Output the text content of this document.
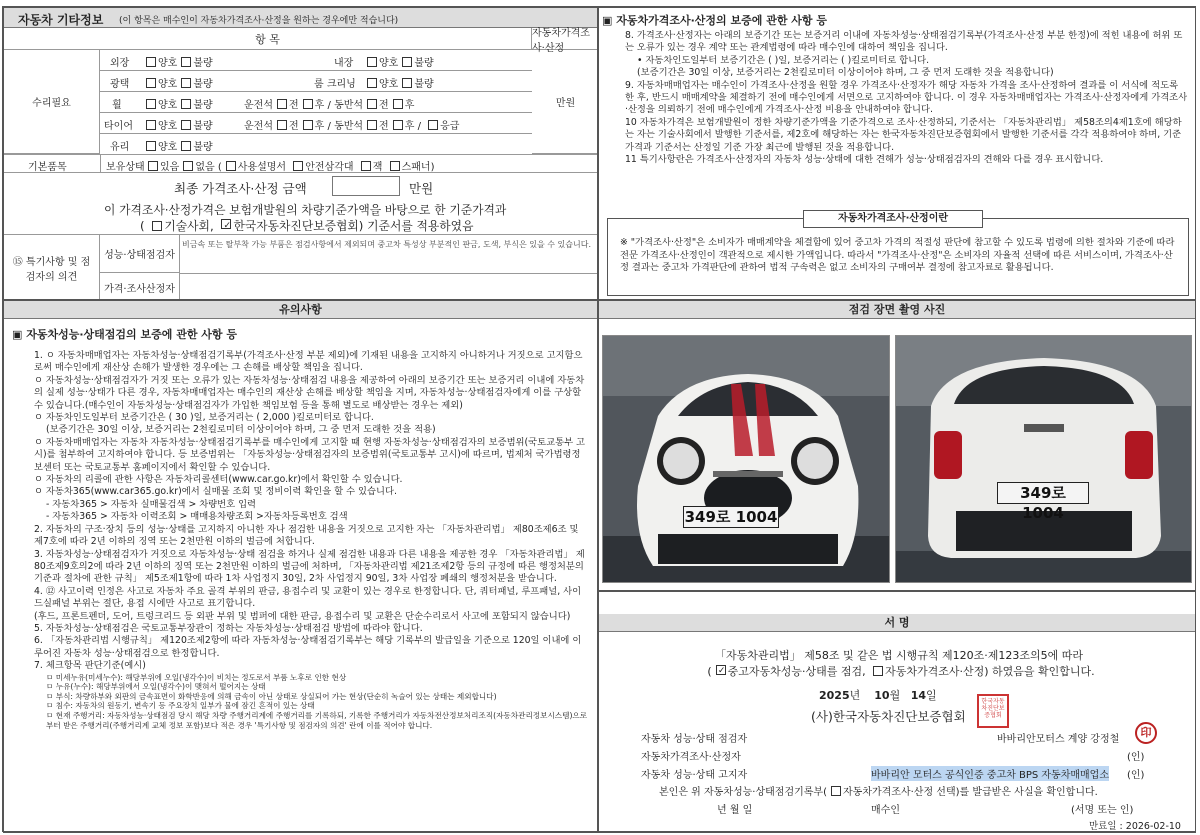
자동차 기타정보 (이 항목은 매수인이 자동차가격조사·산정을 원하는 경우에만 적습니다)
항 목	자동차가격조사·산정
수리필요	만원
외장	양호 불량	내장	양호 불량
광택	양호 불량	룸 크리닝	양호 불량
휠	양호 불량	운전석 전 후 / 동반석 전 후
타이어	양호 불량	운전석 전 후 / 동반석 전 후 / 응급
유리	양호 불량
기본품목	보유상태	있음 없음 ( 사용설명서 안전삼각대 잭 스패너)
최종 가격조사·산정 금액	만원
이 가격조사·산정가격은 보험개발원의 차량기준가액을 바탕으로 한 기준가격과
( 기술사회, ✓ 한국자동차진단보증협회) 기준서를 적용하였음
⑮ 특기사항 및 점검자의 의견
성능·상태점검자
비금속 또는 탈부착 가능 부품은 점검사항에서 제외되며 중고차 특성상 부분적인 판금, 도색, 부식은 있을 수 있습니다.
가격·조사산정자
▣ 자동차가격조사·산정의 보증에 관한 사항 등

8. 가격조사·산정자는 아래의 보증기간 또는 보증거리 이내에 자동차성능·상태점검기록부(가격조사·산정 부분 한정)에 적힌 내용에 허위 또는 오류가 있는 경우 계약 또는 관계법령에 따라 매수인에 대하여 책임을 집니다.

• 자동차인도일부터 보증기간은 ( )일, 보증거리는 ( )킬로미터로 합니다.

(보증기간은 30일 이상, 보증거리는 2천킬로미터 이상이어야 하며, 그 중 먼저 도래한 것을 적용합니다)

9. 자동차매매업자는 매수인이 가격조사·산정을 원할 경우 가격조사·산정자가 해당 자동차 가격을 조사·산정하여 결과를 이 서식에 적도록 한 후, 반드시 매매계약을 체결하기 전에 매수인에게 서면으로 고지하여야 합니다. 이 경우 자동차매매업자는 가격조사·산정자에게 가격조사·산정을 의뢰하기 전에 매수인에게 가격조사·산정 비용을 안내하여야 합니다.

10 자동차가격은 보험개발원이 정한 차량기준가액을 기준가격으로 조사·산정하되, 기준서는 「자동차관리법」 제58조의4제1호에 해당하는 자는 기술사회에서 발행한 기준서를, 제2호에 해당하는 자는 한국자동차진단보증협회에서 발행한 기준서를 각각 적용하여야 하며, 기준가격과 기준서는 산정일 기준 가장 최근에 발행된 것을 적용합니다.

11 특기사항란은 가격조사·산정자의 자동차 성능·상태에 대한 견해가 성능·상태점검자의 견해와 다를 경우 표시합니다.

자동차가격조사·산정이란
※ "가격조사·산정"은 소비자가 매매계약을 체결함에 있어 중고차 가격의 적절성 판단에 참고할 수 있도록 법령에 의한 절차와 기준에 따라 전문 가격조사·산정인이 객관적으로 제시한 가액입니다. 따라서 "가격조사·산정"은 소비자의 자율적 선택에 따른 서비스이며, 가격조사·산정 결과는 중고차 가격판단에 관하여 법적 구속력은 없고 소비자의 구매여부 결정에 참고자료로 활용됩니다.
유의사항
▣ 자동차성능·상태점검의 보증에 관한 사항 등

1. ㅇ 자동차매매업자는 자동차성능·상태점검기록부(가격조사·산정 부분 제외)에 기재된 내용을 고지하지 아니하거나 거짓으로 고지함으로써 매수인에게 재산상 손해가 발생한 경우에는 그 손해를 배상할 책임을 집니다.

ㅇ 자동차성능·상태점검자가 거짓 또는 오류가 있는 자동차성능·상태점검 내용을 제공하여 아래의 보증기간 또는 보증거리 이내에 자동차의 실제 성능·상태가 다른 경우, 자동차매매업자는 매수인의 재산상 손해를 배상할 책임을 지며, 자동차성능·상태점검자에게 이를 구상할 수 있습니다.(매수인이 자동차성능·상태점검자가 가입한 책임보험 등을 통해 별도로 배상받는 경우는 제외)

ㅇ 자동차인도일부터 보증기간은 ( 30 )일, 보증거리는 ( 2,000 )킬로미터로 합니다.

(보증기간은 30일 이상, 보증거리는 2천킬로미터 이상이어야 하며, 그 중 먼저 도래한 것을 적용)

ㅇ 자동차매매업자는 자동차 자동차성능·상태점검기록부를 매수인에게 고지할 때 현행 자동차성능·상태점검자의 보증범위(국토교통부 고시)를 첨부하여 고지하여야 합니다. 등 보증범위는 「자동차성능·상태점검자의 보증범위(국토교통부 고시)에 따르며, 법제처 국가법령정보센터 또는 국토교통부 홈페이지에서 확인할 수 있습니다.

ㅇ 자동차의 리콜에 관한 사항은 자동차리콜센터(www.car.go.kr)에서 확인할 수 있습니다.

ㅇ 자동차365(www.car365.go.kr)에서 실매물 조회 및 정비이력 확인을 할 수 있습니다.

- 자동차365 > 자동차 실매물검색 > 차량번호 입력

- 자동차365 > 자동차 이력조회 > 매매용차량조회 >자동차등록번호 검색

2. 자동차의 구조·장치 등의 성능·상태를 고지하지 아니한 자나 점검한 내용을 거짓으로 고지한 자는 「자동차관리법」 제80조제6조 및 제7호에 따라 2년 이하의 징역 또는 2천만원 이하의 벌금에 처합니다.

3. 자동차성능·상태점검자가 거짓으로 자동차성능·상태 점검을 하거나 실제 점검한 내용과 다른 내용을 제공한 경우 「자동차관리법」 제80조제9호의2에 따라 2년 이하의 징역 또는 2천만원 이하의 벌금에 처하며, 「자동차관리법 제21조제2항 등의 규정에 따른 행정처분의 기준과 절차에 관한 규칙」 제5조제1항에 따라 1차 사업정지 30일, 2차 사업정지 90일, 3차 사업장 폐쇄의 행정처분을 받습니다.

4. ⑫ 사고이력 인정은 사고로 자동차 주요 골격 부위의 판금, 용접수리 및 교환이 있는 경우로 한정합니다. 단, 쿼터패널, 루프패널, 사이드실패널 부위는 절단, 용접 시에만 사고로 표기합니다.

(후드, 프론트펜더, 도어, 트렁크리드 등 외판 부위 및 범퍼에 대한 판금, 용접수리 및 교환은 단순수리로서 사고에 포함되지 않습니다)

5. 자동차성능·상태점검은 국토교통부장관이 정하는 자동차성능·상태점검 방법에 따라야 합니다.

6. 「자동차관리법 시행규칙」 제120조제2항에 따라 자동차성능·상태점검기록부는 해당 기록부의 발급일을 기준으로 120일 이내에 이루어진 자동차 성능·상태점검으로 한정합니다.

7. 체크항목 판단기준(예시)

ㅁ 미세누유(미세누수): 해당부위에 오일(냉각수)이 비치는 정도로서 부품 노후로 인한 현상

ㅁ 누유(누수): 해당부위에서 오일(냉각수)이 맺혀서 떨어지는 상태

ㅁ 부식: 차량하부와 외판의 금속표면이 화학반응에 의해 금속이 아닌 상태로 상실되어 가는 현상(단순히 녹슬어 있는 상태는 제외합니다)

ㅁ 침수: 자동차의 원동기, 변속기 등 주요장치 일부가 물에 잠긴 흔적이 있는 상태

ㅁ 현재 주행거리: 자동차성능·상태점검 당시 해당 차량 주행거리계에 주행거리를 기록하되, 기록한 주행거리가 자동차전산정보처리조직(자동차관리정보시스템)으로부터 받은 주행거리(주행거리계 교체 정보 포함)보다 적은 경우 '특기사항 및 점검자의 의견' 란에 이를 적어야 합니다.

점검 장면 촬영 사진
349로 1004
349로 1004
서 명
「자동차관리법」 제58조 및 같은 법 시행규칙 제120조·제123조의5에 따라
( ✓ 중고자동차성능·상태를 점검, 자동차가격조사·산정) 하였음을 확인합니다.
2025년 10월 14일
(사)한국자동차진단보증협회
한국자동차진단보증협회
자동차 성능·상태 점검자	바바리안모터스 계양 강정철
印
자동차가격조사·산정자	(인)
자동차 성능·상태 고지자	바바리안 모터스 공식인증 중고차 BPS 자동차매매업소 (인)
본인은 위 자동차성능·상태점검기록부( 자동차가격조사·산정 선택)를 발급받은 사실을 확인합니다.
년 월 일	매수인	(서명 또는 인)
만료일 : 2026-02-10
